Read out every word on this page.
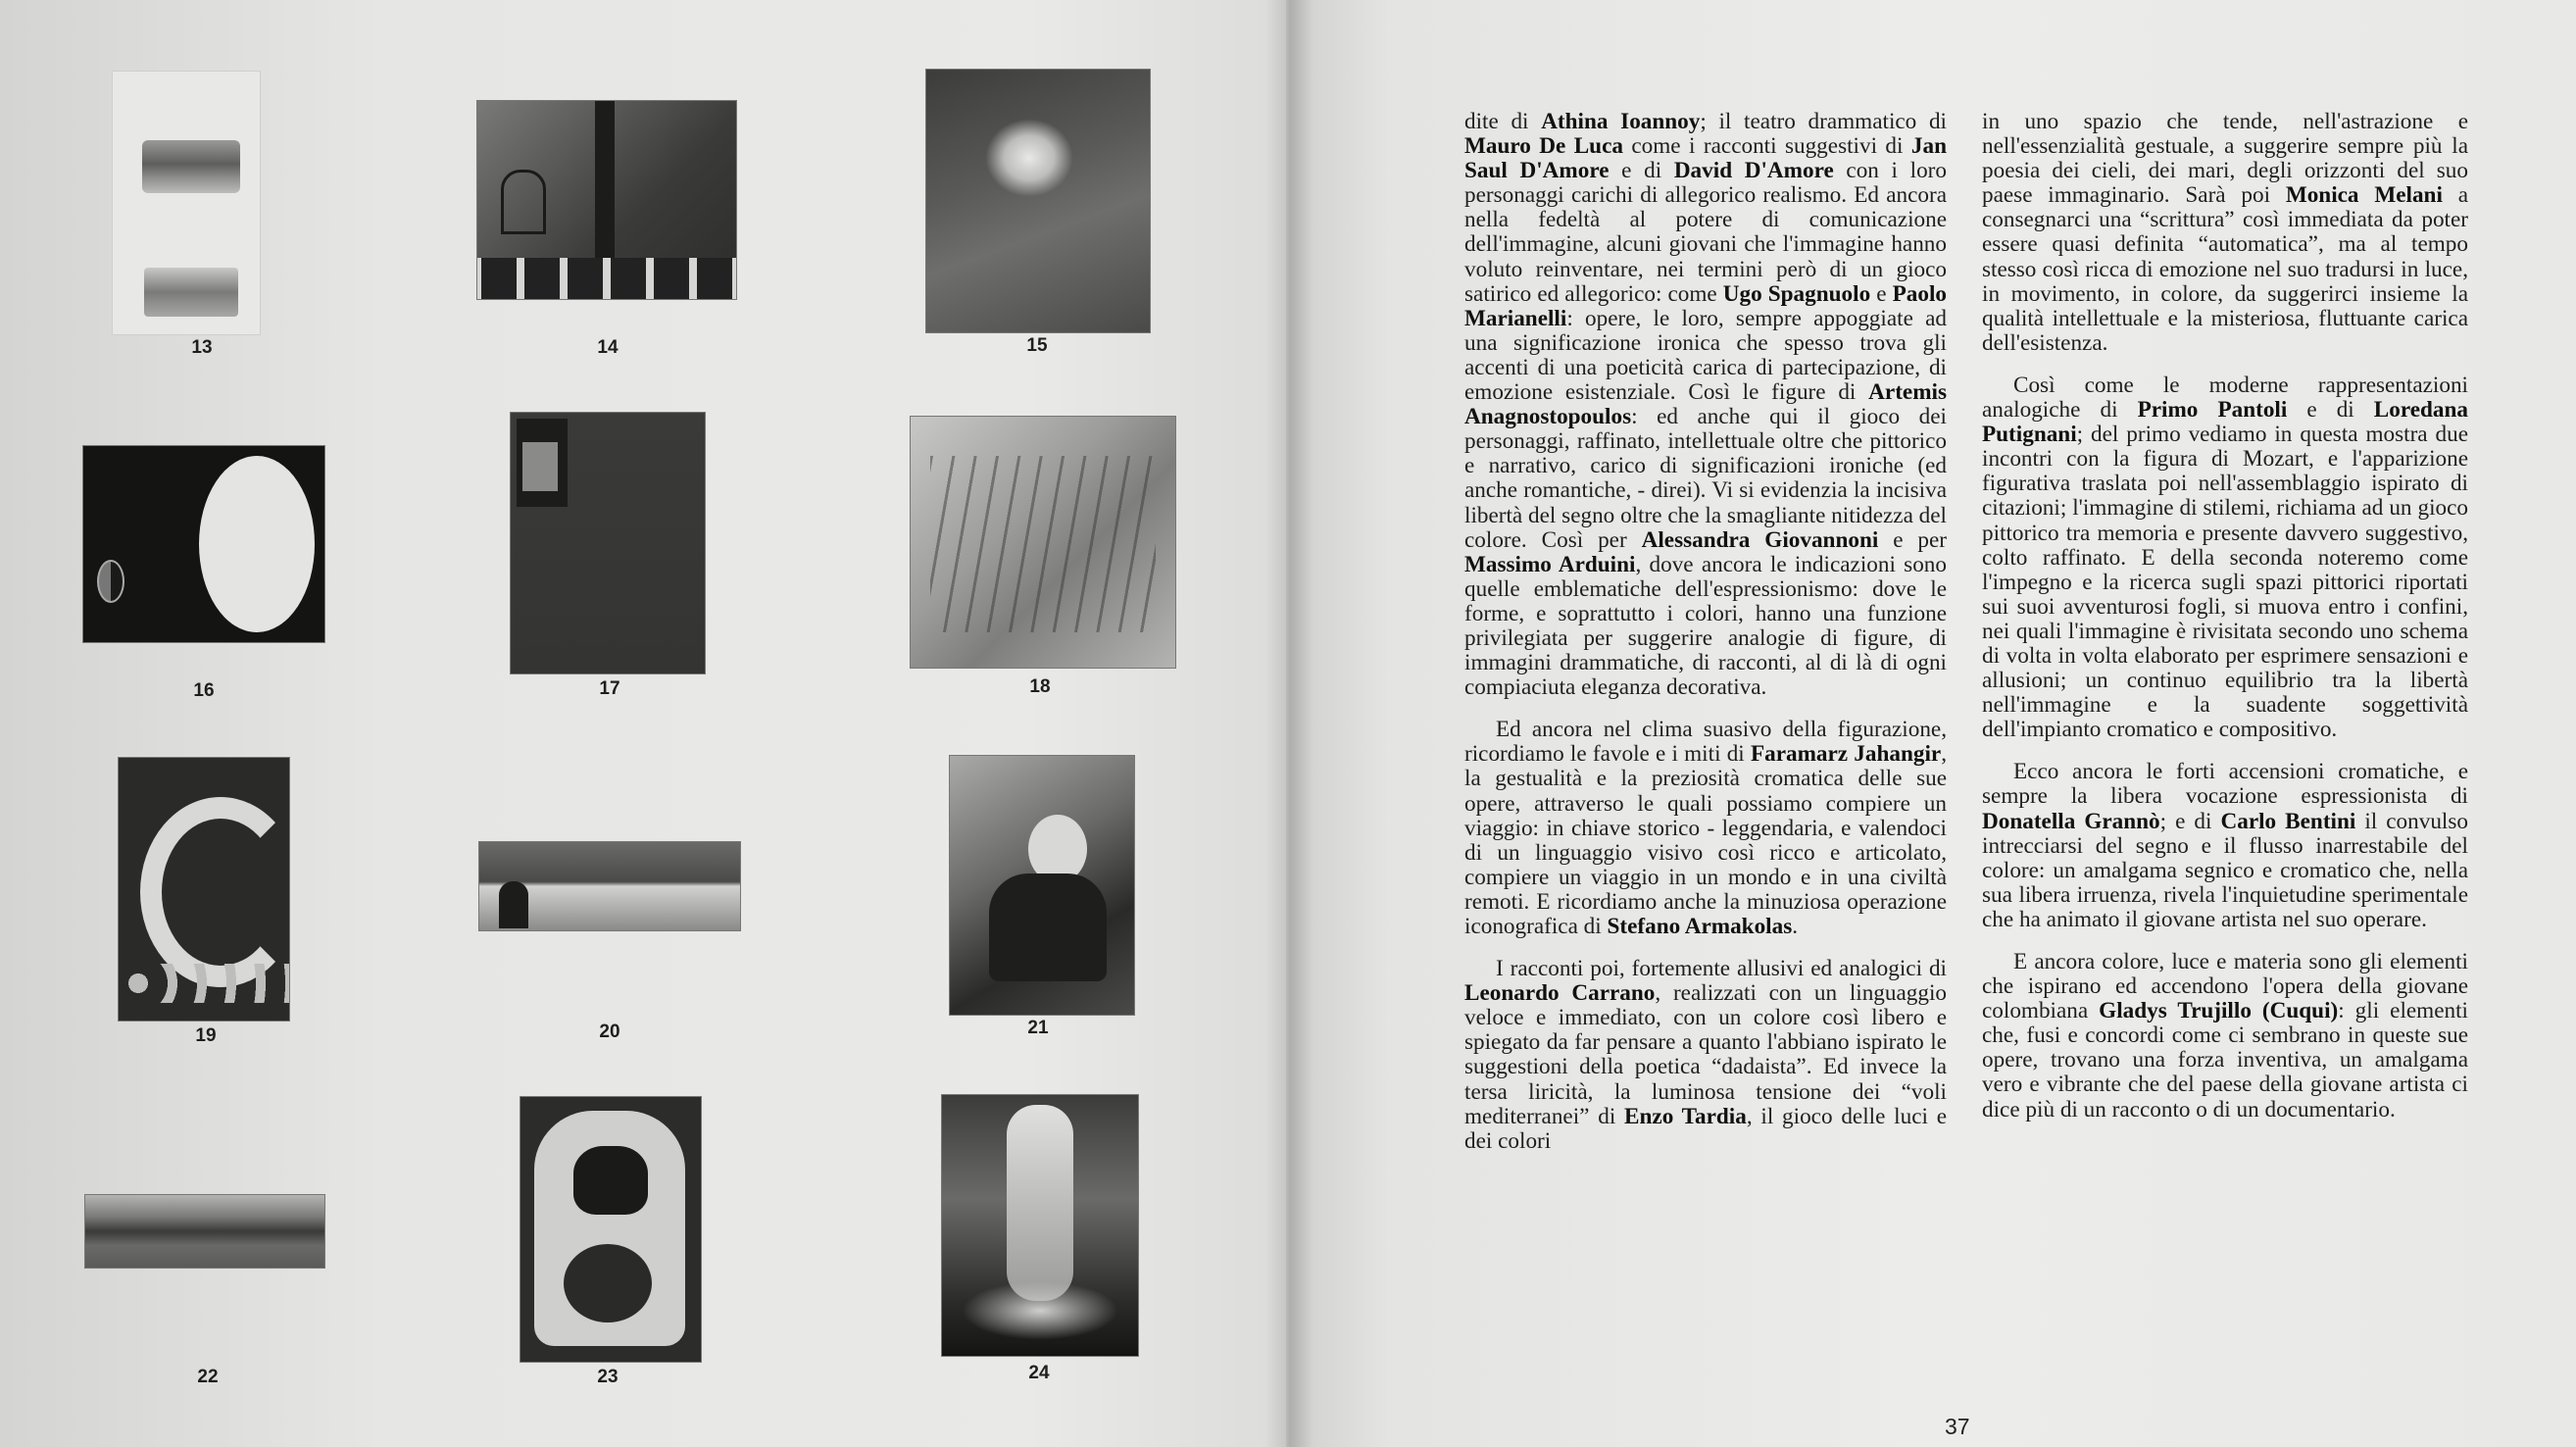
13	14	15
16	17	18
19	20	21
22	23	24

dite di Athina Ioannoy; il teatro drammatico di Mauro De Luca come i racconti suggestivi di Jan Saul D'Amore e di David D'Amore con i loro personaggi carichi di allegorico realismo. Ed ancora nella fedeltà al potere di comunicazione dell'immagine, alcuni giovani che l'immagine hanno voluto reinventare, nei termini però di un gioco satirico ed allegorico: come Ugo Spagnuolo e Paolo Marianelli: opere, le loro, sempre appoggiate ad una significazione ironica che spesso trova gli accenti di una poeticità carica di partecipazione, di emozione esistenziale. Così le figure di Artemis Anagnostopoulos: ed anche qui il gioco dei personaggi, raffinato, intellettuale oltre che pittorico e narrativo, carico di significazioni ironiche (ed anche romantiche, - direi). Vi si evidenzia la incisiva libertà del segno oltre che la smagliante nitidezza del colore. Così per Alessandra Giovannoni e per Massimo Arduini, dove ancora le indicazioni sono quelle emblematiche dell'espressionismo: dove le forme, e soprattutto i colori, hanno una funzione privilegiata per suggerire analogie di figure, di immagini drammatiche, di racconti, al di là di ogni compiaciuta eleganza decorativa.

Ed ancora nel clima suasivo della figurazione, ricordiamo le favole e i miti di Faramarz Jahangir, la gestualità e la preziosità cromatica delle sue opere, attraverso le quali possiamo compiere un viaggio: in chiave storico - leggendaria, e valendoci di un linguaggio visivo così ricco e articolato, compiere un viaggio in un mondo e in una civiltà remoti. E ricordiamo anche la minuziosa operazione iconografica di Stefano Armakolas.

I racconti poi, fortemente allusivi ed analogici di Leonardo Carrano, realizzati con un linguaggio veloce e immediato, con un colore così libero e spiegato da far pensare a quanto l'abbiano ispirato le suggestioni della poetica “dadaista”. Ed invece la tersa liricità, la luminosa tensione dei “voli mediterranei” di Enzo Tardia, il gioco delle luci e dei colori

in uno spazio che tende, nell'astrazione e nell'essenzialità gestuale, a suggerire sempre più la poesia dei cieli, dei mari, degli orizzonti del suo paese immaginario. Sarà poi Monica Melani a consegnarci una “scrittura” così immediata da poter essere quasi definita “automatica”, ma al tempo stesso così ricca di emozione nel suo tradursi in luce, in movimento, in colore, da suggerirci insieme la qualità intellettuale e la misteriosa, fluttuante carica dell'esistenza.

Così come le moderne rappresentazioni analogiche di Primo Pantoli e di Loredana Putignani; del primo vediamo in questa mostra due incontri con la figura di Mozart, e l'apparizione figurativa traslata poi nell'assemblaggio ispirato di citazioni; l'immagine di stilemi, richiama ad un gioco pittorico tra memoria e presente davvero suggestivo, colto raffinato. E della seconda noteremo come l'impegno e la ricerca sugli spazi pittorici riportati sui suoi avventurosi fogli, si muova entro i confini, nei quali l'immagine è rivisitata secondo uno schema di volta in volta elaborato per esprimere sensazioni e allusioni; un continuo equilibrio tra la libertà nell'immagine e la suadente soggettività dell'impianto cromatico e compositivo.

Ecco ancora le forti accensioni cromatiche, e sempre la libera vocazione espressionista di Donatella Grannò; e di Carlo Bentini il convulso intrecciarsi del segno e il flusso inarrestabile del colore: un amalgama segnico e cromatico che, nella sua libera irruenza, rivela l'inquietudine sperimentale che ha animato il giovane artista nel suo operare.

E ancora colore, luce e materia sono gli elementi che ispirano ed accendono l'opera della giovane colombiana Gladys Trujillo (Cuqui): gli elementi che, fusi e concordi come ci sembrano in queste sue opere, trovano una forza inventiva, un amalgama vero e vibrante che del paese della giovane artista ci dice più di un racconto o di un documentario.

37
